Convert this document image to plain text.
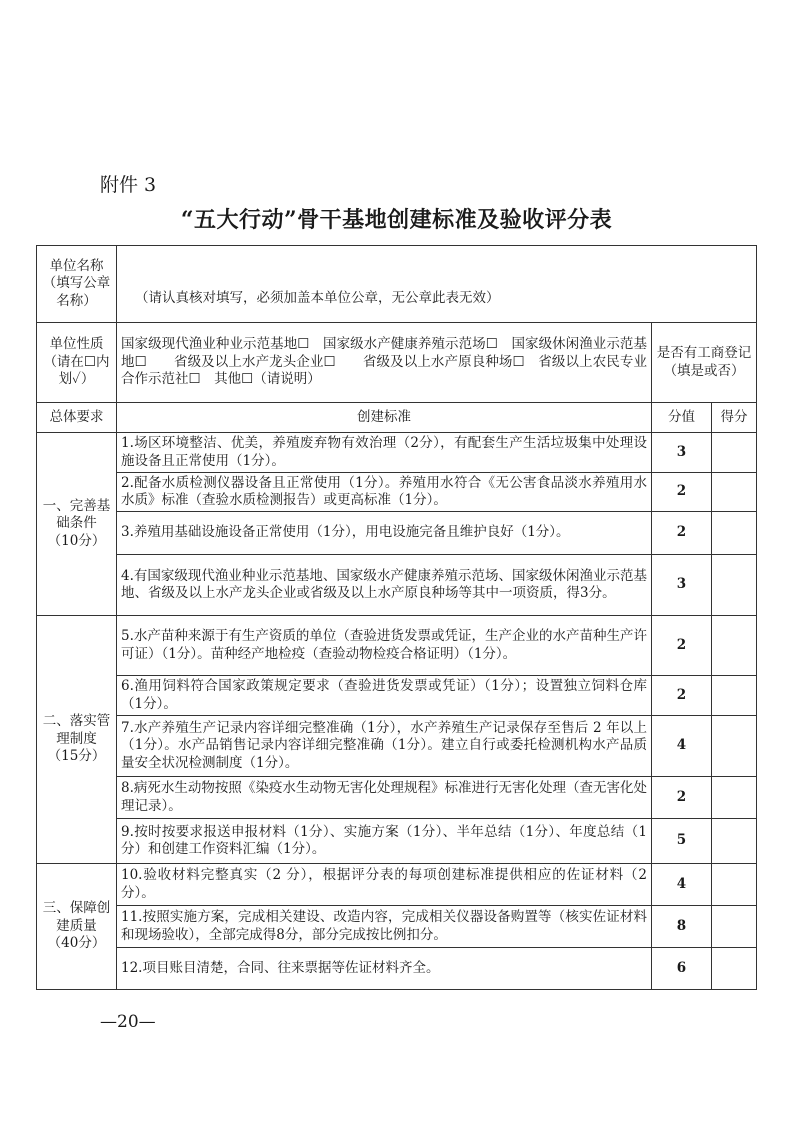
附件 3
“五大行动”骨干基地创建标准及验收评分表
单位名称（填写公章名称）	（请认真核对填写，必须加盖本单位公章，无公章此表无效）		

单位性质（请在☐内划✓）	国家级现代渔业种业示范基地☐　国家级水产健康养殖示范场☐　国家级休闲渔业示范基地☐　　省级及以上水产龙头企业☐　　省级及以上水产原良种场☐　省级以上农民专业合作示范社☐　其他☐（请说明）	是否有工商登记（填是或否）	
总体要求	创建标准	分值	得分
一、完善基础条件（10分）	1.场区环境整洁、优美，养殖废弃物有效治理（2分），有配套生产生活垃圾集中处理设施设备且正常使用（1分）。	3	
	2.配备水质检测仪器设备且正常使用（1分）。养殖用水符合《无公害食品淡水养殖用水水质》标准（查验水质检测报告）或更高标准（1分）。	2	
	3.养殖用基础设施设备正常使用（1分），用电设施完备且维护良好（1分）。	2	
	4.有国家级现代渔业种业示范基地、国家级水产健康养殖示范场、国家级休闲渔业示范基地、省级及以上水产龙头企业或省级及以上水产原良种场等其中一项资质，得3分。	3	
二、落实管理制度（15分）	5.水产苗种来源于有生产资质的单位（查验进货发票或凭证，生产企业的水产苗种生产许可证）（1分）。苗种经产地检疫（查验动物检疫合格证明）（1分）。	2	
	6.渔用饲料符合国家政策规定要求（查验进货发票或凭证）（1分）；设置独立饲料仓库（1分）。	2	
	7.水产养殖生产记录内容详细完整准确（1分），水产养殖生产记录保存至售后 2 年以上（1分）。水产品销售记录内容详细完整准确（1分）。建立自行或委托检测机构水产品质量安全状况检测制度（1分）。	4	
	8.病死水生动物按照《染疫水生动物无害化处理规程》标准进行无害化处理（查无害化处理记录）。	2	
	9.按时按要求报送申报材料（1分）、实施方案（1分）、半年总结（1分）、年度总结（1分）和创建工作资料汇编（1分）。	5	
三、保障创建质量（40分）	10.验收材料完整真实（2 分），根据评分表的每项创建标准提供相应的佐证材料（2分）。	4	
	11.按照实施方案，完成相关建设、改造内容，完成相关仪器设备购置等（核实佐证材料和现场验收），全部完成得8分，部分完成按比例扣分。	8	
	12.项目账目清楚，合同、往来票据等佐证材料齐全。	6	
—20—
